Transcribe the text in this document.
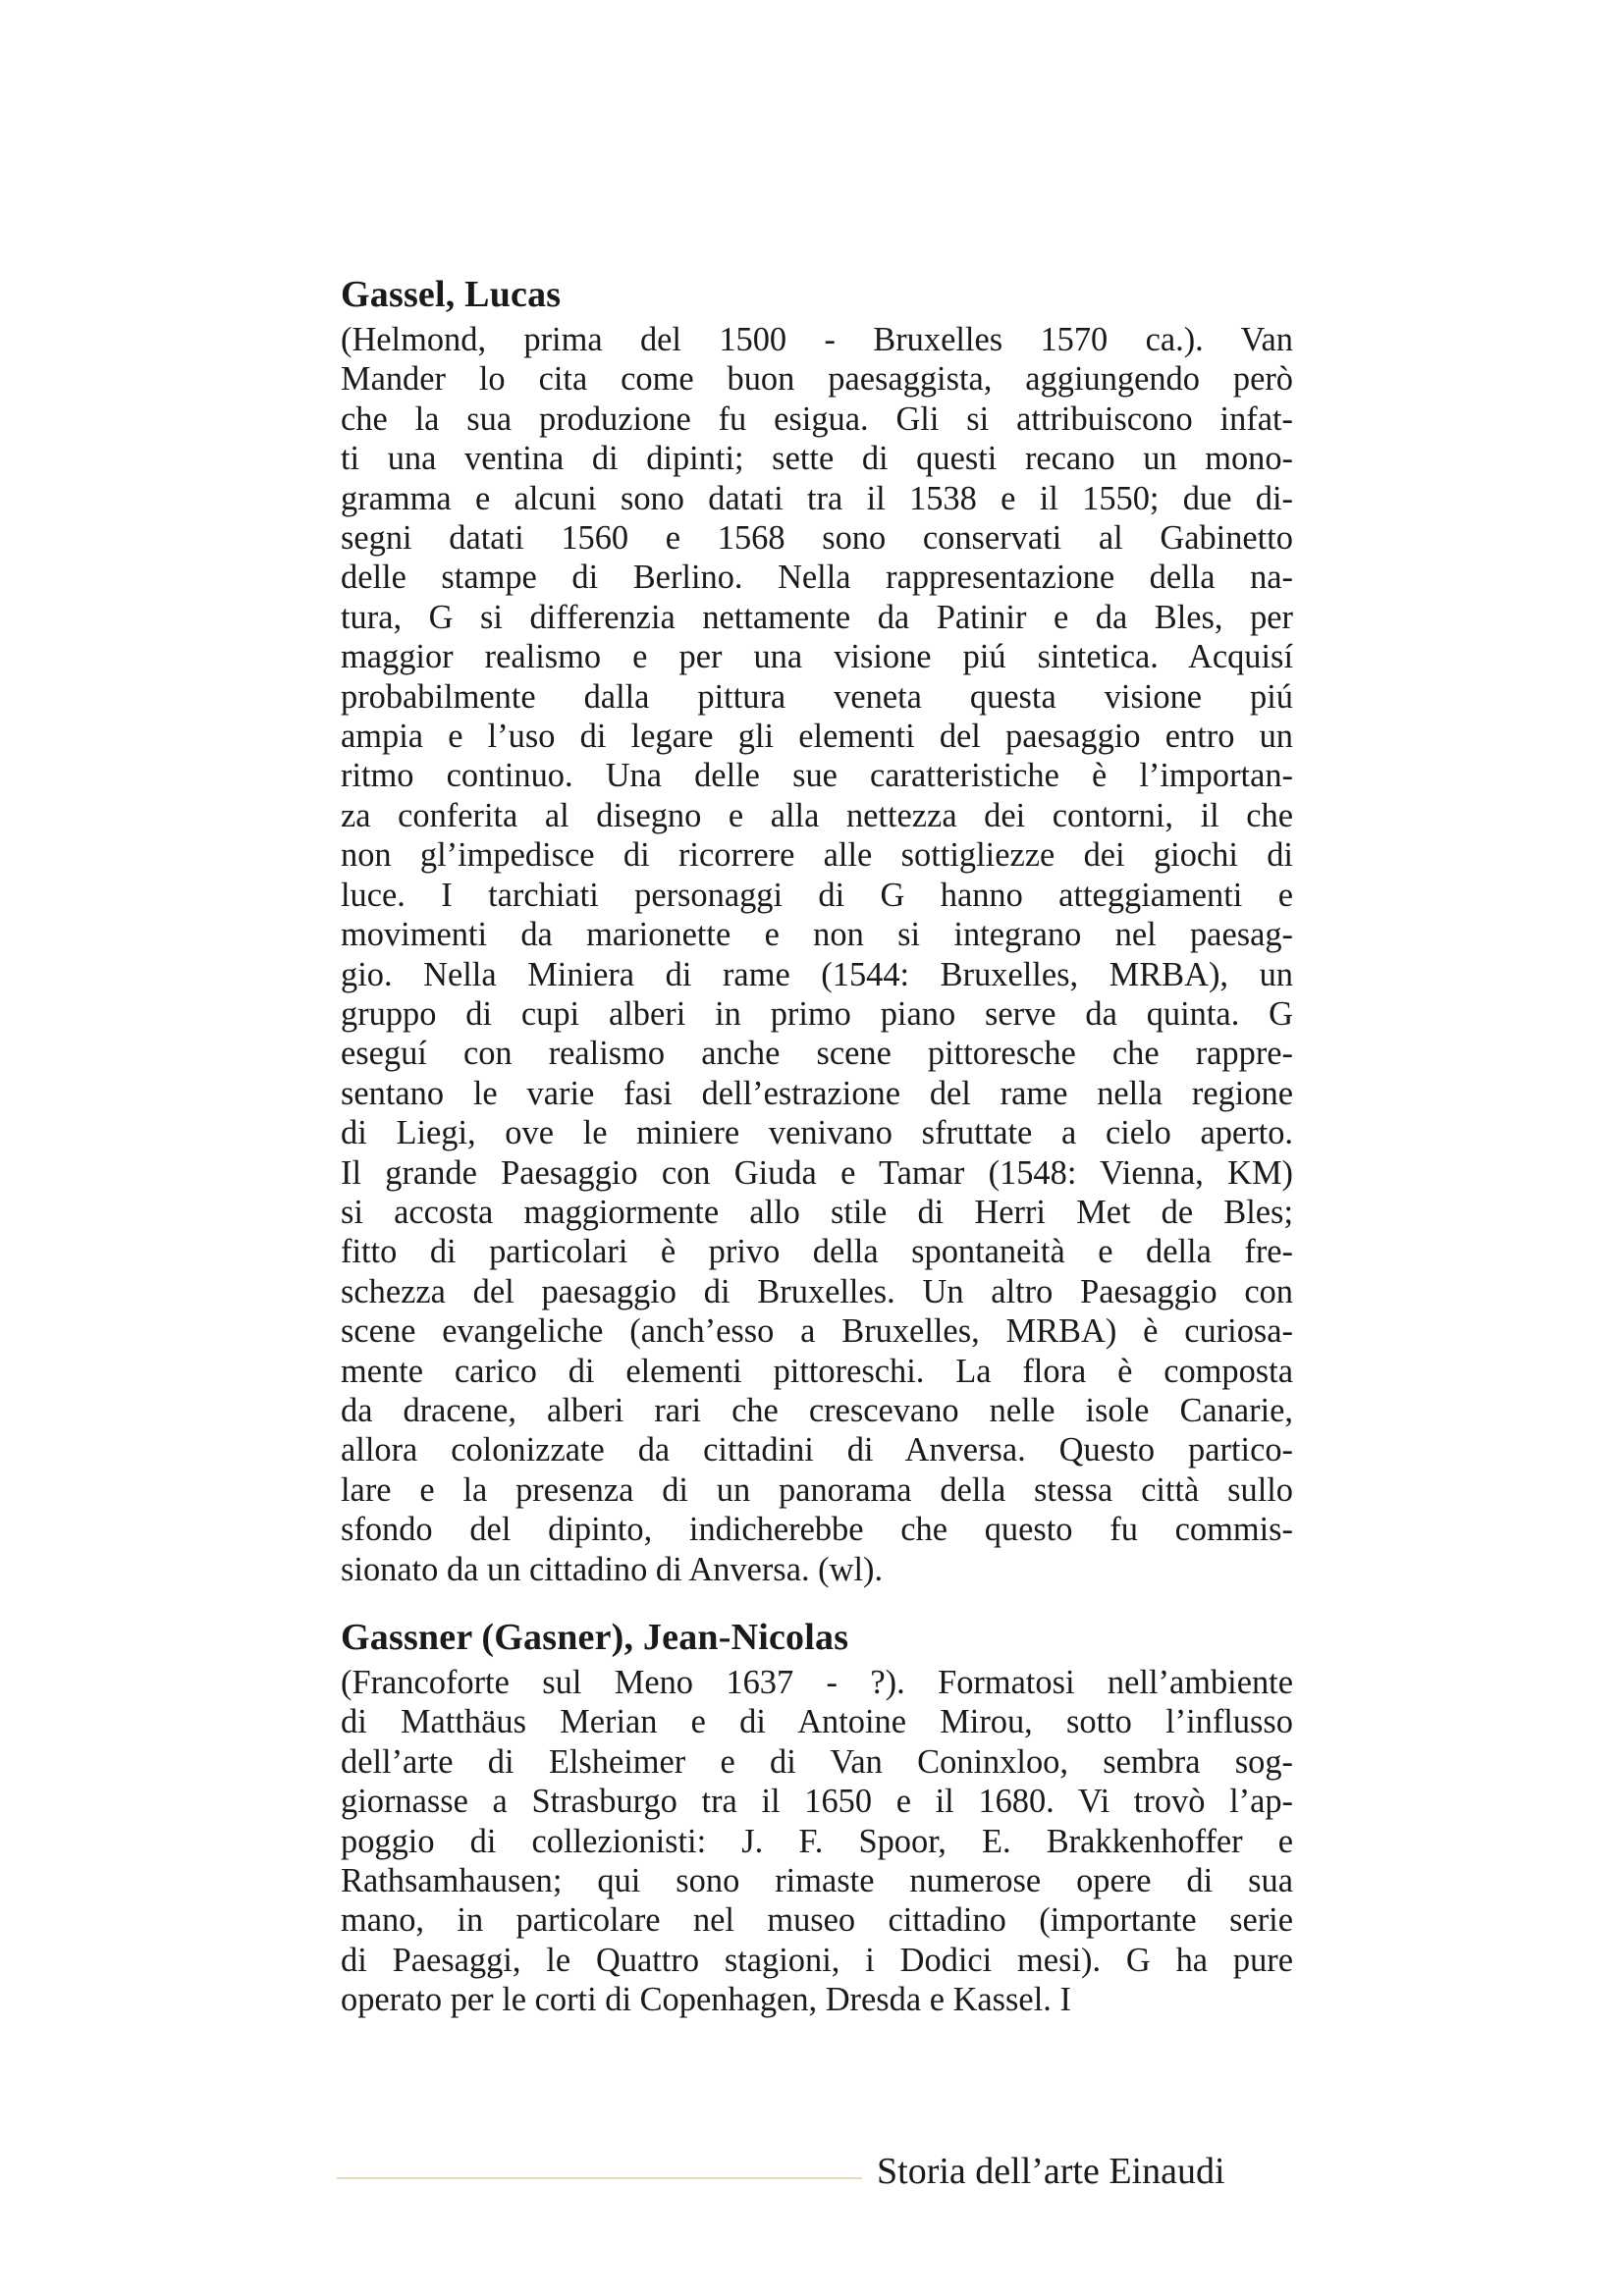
Gassel, Lucas
(Helmond, prima del 1500 - Bruxelles 1570 ca.). Van
Mander lo cita come buon paesaggista, aggiungendo però
che la sua produzione fu esigua. Gli si attribuiscono infat-
ti una ventina di dipinti; sette di questi recano un mono-
gramma e alcuni sono datati tra il 1538 e il 1550; due di-
segni datati 1560 e 1568 sono conservati al Gabinetto
delle stampe di Berlino. Nella rappresentazione della na-
tura, G si differenzia nettamente da Patinir e da Bles, per
maggior realismo e per una visione piú sintetica. Acquisí
probabilmente dalla pittura veneta questa visione piú
ampia e l’uso di legare gli elementi del paesaggio entro un
ritmo continuo. Una delle sue caratteristiche è l’importan-
za conferita al disegno e alla nettezza dei contorni, il che
non gl’impedisce di ricorrere alle sottigliezze dei giochi di
luce. I tarchiati personaggi di G hanno atteggiamenti e
movimenti da marionette e non si integrano nel paesag-
gio. Nella Miniera di rame (1544: Bruxelles, MRBA), un
gruppo di cupi alberi in primo piano serve da quinta. G
eseguí con realismo anche scene pittoresche che rappre-
sentano le varie fasi dell’estrazione del rame nella regione
di Liegi, ove le miniere venivano sfruttate a cielo aperto.
Il grande Paesaggio con Giuda e Tamar (1548: Vienna, KM)
si accosta maggiormente allo stile di Herri Met de Bles;
fitto di particolari è privo della spontaneità e della fre-
schezza del paesaggio di Bruxelles. Un altro Paesaggio con
scene evangeliche (anch’esso a Bruxelles, MRBA) è curiosa-
mente carico di elementi pittoreschi. La flora è composta
da dracene, alberi rari che crescevano nelle isole Canarie,
allora colonizzate da cittadini di Anversa. Questo partico-
lare e la presenza di un panorama della stessa città sullo
sfondo del dipinto, indicherebbe che questo fu commis-
sionato da un cittadino di Anversa. (wl).
Gassner (Gasner), Jean-Nicolas
(Francoforte sul Meno 1637 - ?). Formatosi nell’ambiente
di Matthäus Merian e di Antoine Mirou, sotto l’influsso
dell’arte di Elsheimer e di Van Coninxloo, sembra sog-
giornasse a Strasburgo tra il 1650 e il 1680. Vi trovò l’ap-
poggio di collezionisti: J. F. Spoor, E. Brakkenhoffer e
Rathsamhausen; qui sono rimaste numerose opere di sua
mano, in particolare nel museo cittadino (importante serie
di Paesaggi, le Quattro stagioni, i Dodici mesi). G ha pure
operato per le corti di Copenhagen, Dresda e Kassel. I
Storia dell’arte Einaudi
